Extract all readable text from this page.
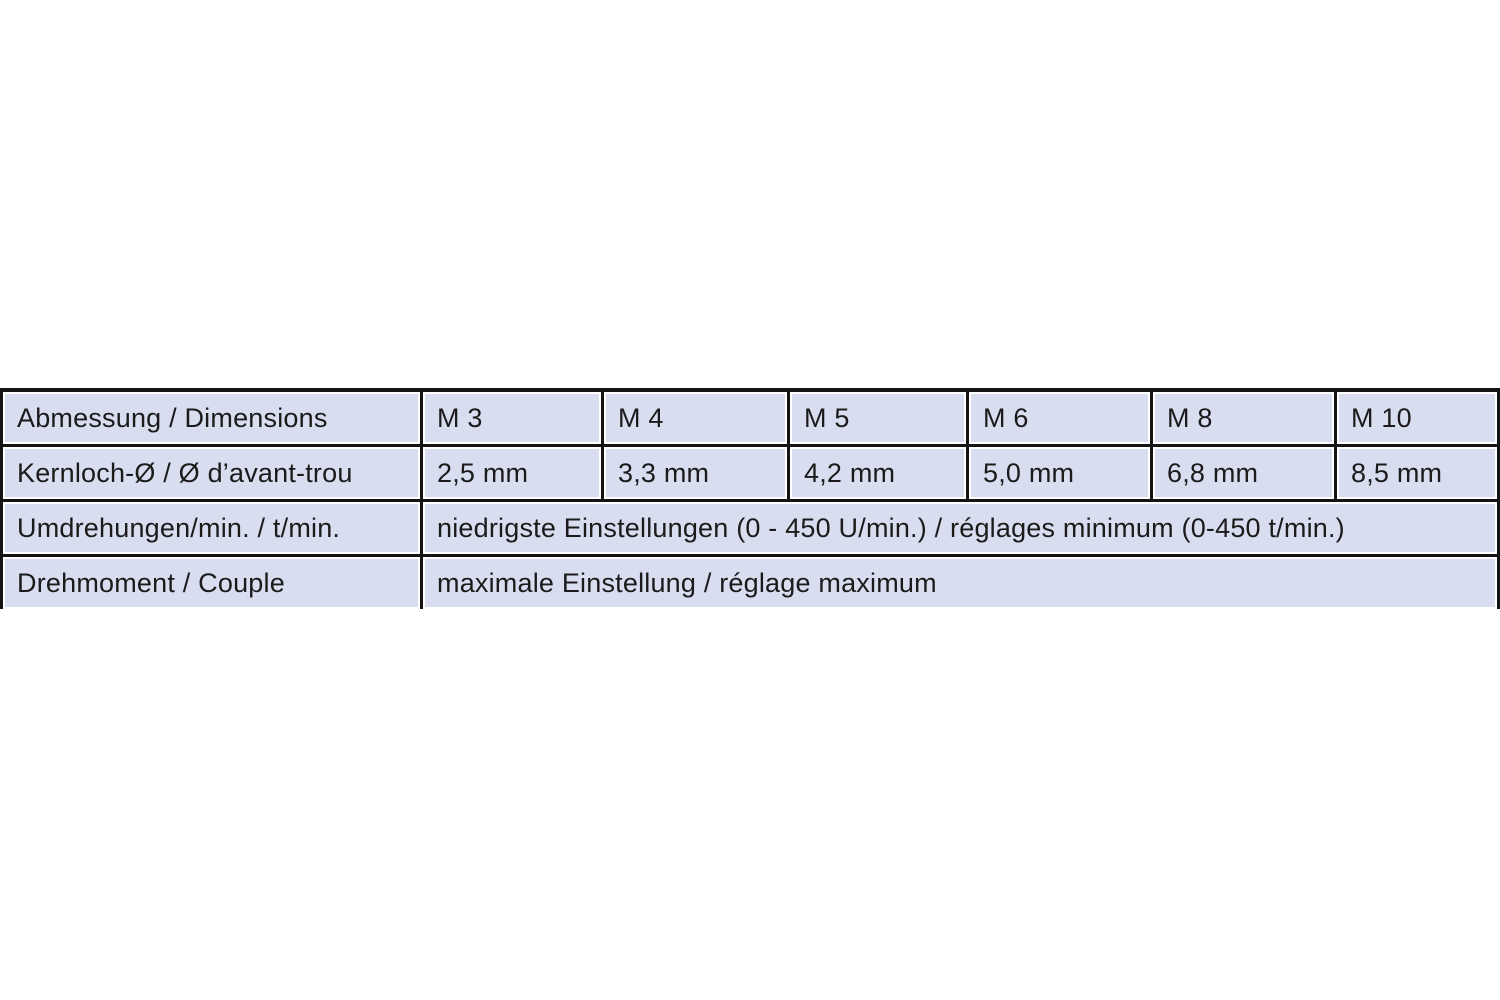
Abmessung / Dimensions	M 3	M 4	M 5	M 6	M 8	M 10
Kernloch-Ø / Ø d’avant-trou	2,5 mm	3,3 mm	4,2 mm	5,0 mm	6,8 mm	8,5 mm
Umdrehungen/min. / t/min.	niedrigste Einstellungen (0 - 450 U/min.) / réglages minimum (0-450 t/min.)					
Drehmoment / Couple	maximale Einstellung / réglage maximum					
